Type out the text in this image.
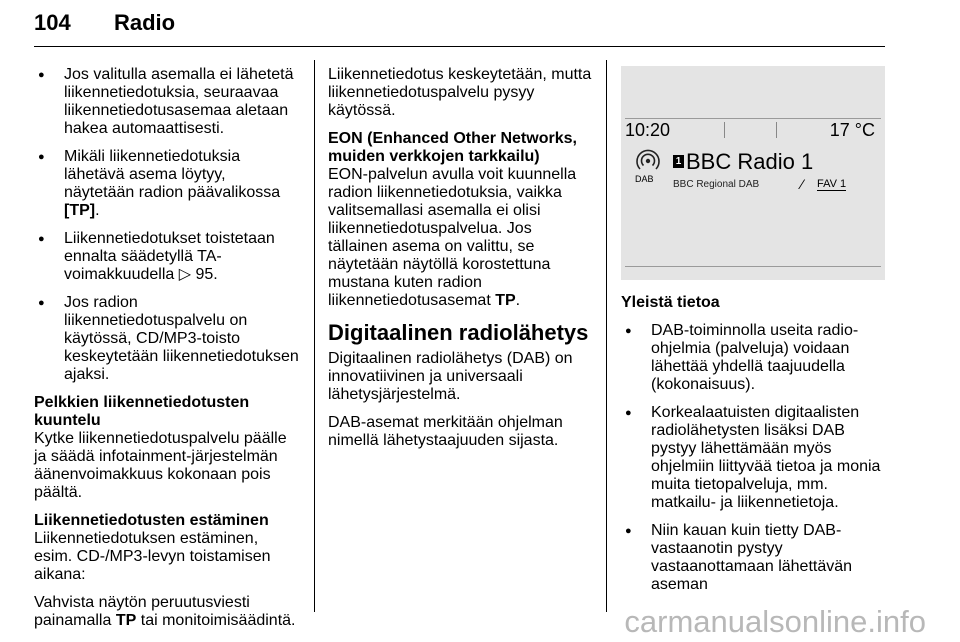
104 Radio
● Jos valitulla asemalla ei lähetetä liikennetiedotuksia, seuraavaa liikennetiedotusasemaa aletaan hakea automaattisesti.
● Mikäli liikennetiedotuksia lähetävä asema löytyy, näytetään radion päävalikossa [TP].
● Liikennetiedotukset toistetaan ennalta säädetyllä TA-voimakkuudella ▷ 95.
● Jos radion liikennetiedotuspalvelu on käytössä, CD/MP3-toisto keskeytetään liikennetiedotuksen ajaksi.

Pelkkien liikennetiedotusten kuuntelu

Kytke liikennetiedotuspalvelu päälle ja säädä infotainment-järjestelmän äänenvoimakkuus kokonaan pois päältä.

Liikennetiedotusten estäminen

Liikennetiedotuksen estäminen, esim. CD-/MP3-levyn toistamisen aikana:

Vahvista näytön peruutusviesti painamalla TP tai monitoimisäädintä.

Liikennetiedotus keskeytetään, mutta liikennetiedotuspalvelu pysyy käytössä.

EON (Enhanced Other Networks, muiden verkkojen tarkkailu)

EON-palvelun avulla voit kuunnella radion liikennetiedotuksia, vaikka valitsemallasi asemalla ei olisi liikennetiedotuspalvelua. Jos tällainen asema on valittu, se näytetään näytöllä korostettuna mustana kuten radion liikennetiedotusasemat TP.

Digitaalinen radiolähetys

Digitaalinen radiolähetys (DAB) on innovatiivinen ja universaali lähetysjärjestelmä.

DAB-asemat merkitään ohjelman nimellä lähetystaajuuden sijasta.

10:20	17 °C
DAB
1 BBC Radio 1
BBC Regional DAB	⁄ FAV 1

Yleistä tietoa

● DAB-toiminnolla useita radio-ohjelmia (palveluja) voidaan lähettää yhdellä taajuudella (kokonaisuus).
● Korkealaatuisten digitaalisten radiolähetysten lisäksi DAB pystyy lähettämään myös ohjelmiin liittyvää tietoa ja monia muita tietopalveluja, mm. matkailu- ja liikennetietoja.
● Niin kauan kuin tietty DAB-vastaanotin pystyy vastaanottamaan lähettävän aseman
carmanualsonline.info
